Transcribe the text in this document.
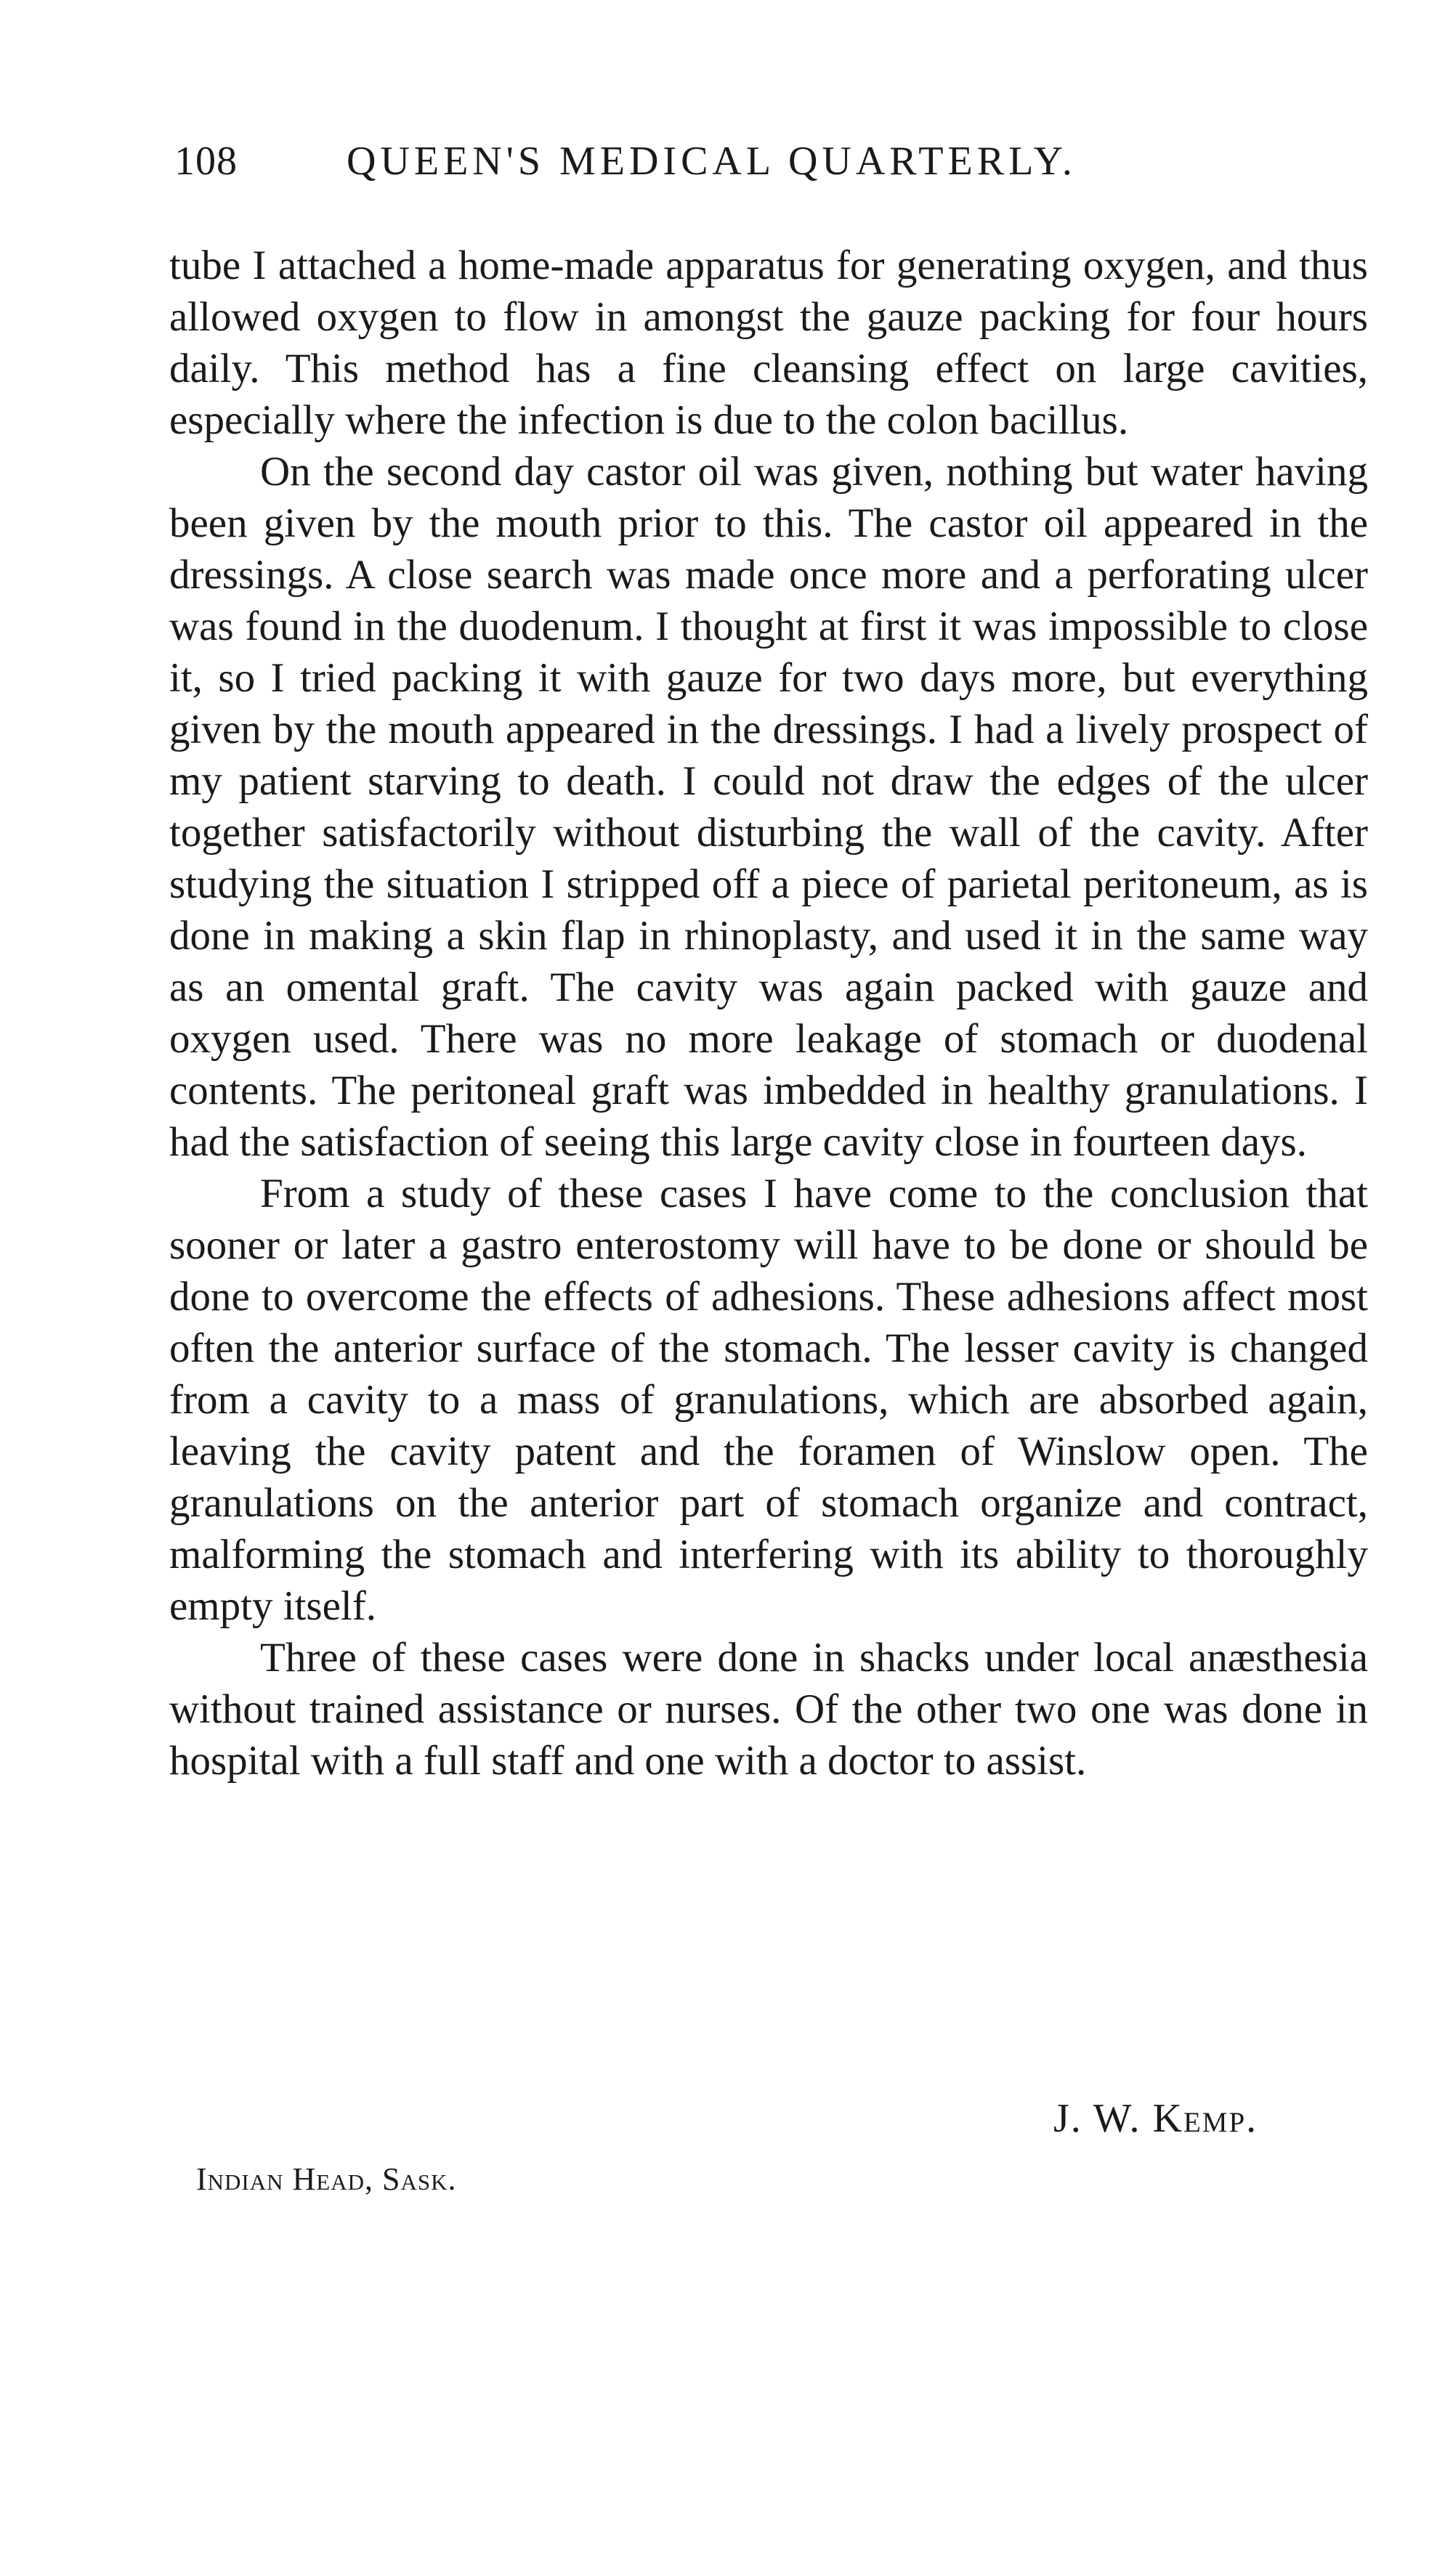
108	QUEEN'S MEDICAL QUARTERLY.

tube I attached a home-made apparatus for generating oxygen, and thus allowed oxygen to flow in amongst the gauze packing for four hours daily. This method has a fine cleansing effect on large cavities, especially where the infection is due to the colon bacillus.

On the second day castor oil was given, nothing but water having been given by the mouth prior to this. The castor oil appeared in the dressings. A close search was made once more and a perforating ulcer was found in the duodenum. I thought at first it was impossible to close it, so I tried packing it with gauze for two days more, but everything given by the mouth appeared in the dressings. I had a lively prospect of my patient starving to death. I could not draw the edges of the ulcer together satisfactorily without disturbing the wall of the cavity. After studying the situation I stripped off a piece of parietal peritoneum, as is done in making a skin flap in rhinoplasty, and used it in the same way as an omental graft. The cavity was again packed with gauze and oxygen used. There was no more leakage of stomach or duodenal contents. The peritoneal graft was imbedded in healthy granulations. I had the satisfaction of seeing this large cavity close in fourteen days.

From a study of these cases I have come to the conclusion that sooner or later a gastro enterostomy will have to be done or should be done to overcome the effects of adhesions. These adhesions affect most often the anterior surface of the stomach. The lesser cavity is changed from a cavity to a mass of granulations, which are absorbed again, leaving the cavity patent and the foramen of Winslow open. The granulations on the anterior part of stomach organize and contract, malforming the stomach and interfering with its ability to thoroughly empty itself.

Three of these cases were done in shacks under local anæsthesia without trained assistance or nurses. Of the other two one was done in hospital with a full staff and one with a doctor to assist.

J. W. Kemp.
Indian Head, Sask.
